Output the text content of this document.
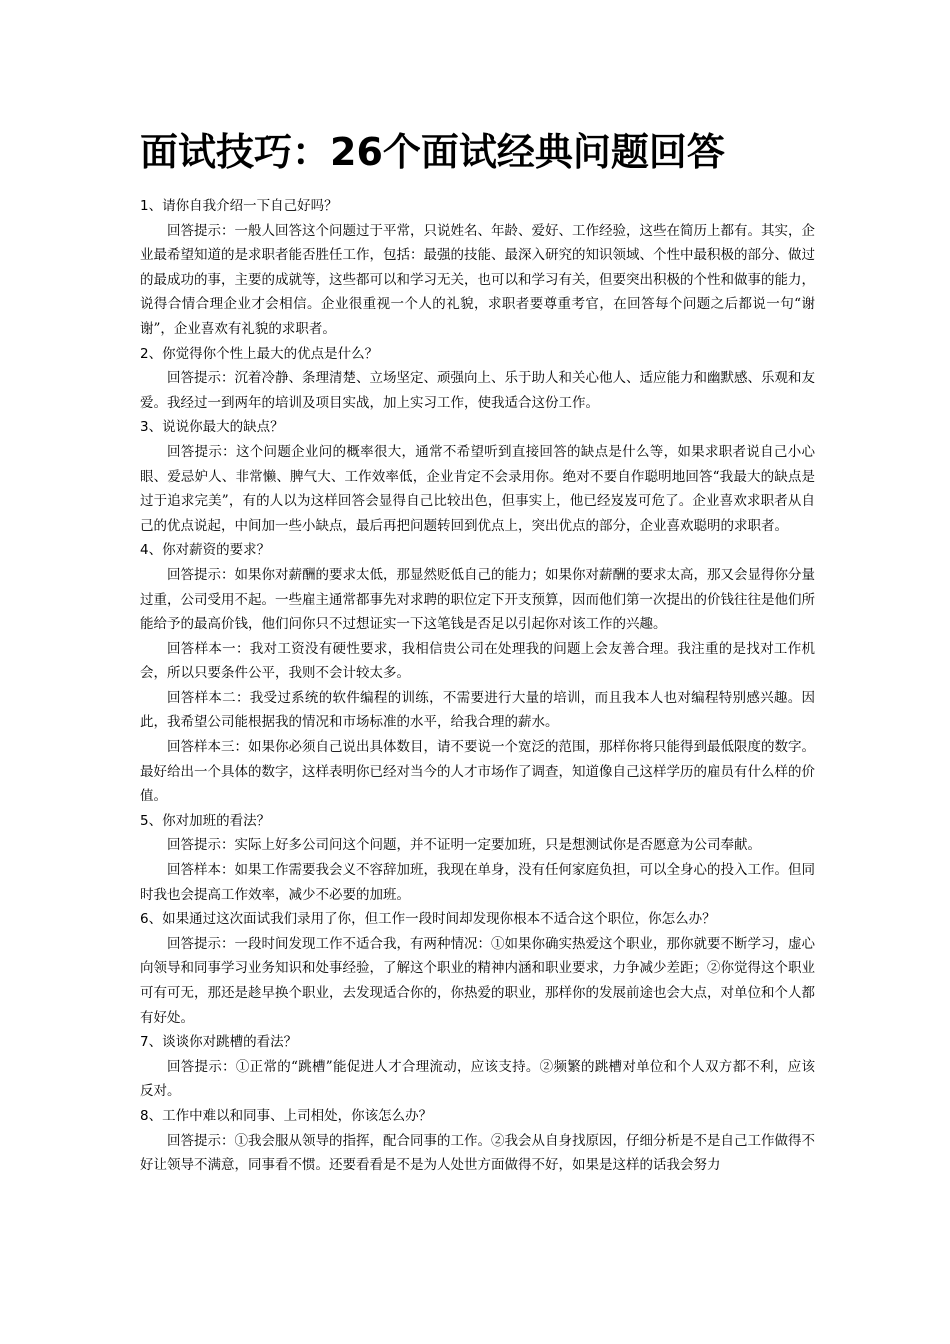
面试技巧：26个面试经典问题回答

1、请你自我介绍一下自己好吗？

回答提示：一般人回答这个问题过于平常，只说姓名、年龄、爱好、工作经验，这些在简历上都有。其实，企业最希望知道的是求职者能否胜任工作，包括：最强的技能、最深入研究的知识领域、个性中最积极的部分、做过的最成功的事，主要的成就等，这些都可以和学习无关，也可以和学习有关，但要突出积极的个性和做事的能力，说得合情合理企业才会相信。企业很重视一个人的礼貌，求职者要尊重考官，在回答每个问题之后都说一句“谢谢”，企业喜欢有礼貌的求职者。

2、你觉得你个性上最大的优点是什么？

回答提示：沉着冷静、条理清楚、立场坚定、顽强向上、乐于助人和关心他人、适应能力和幽默感、乐观和友爱。我经过一到两年的培训及项目实战，加上实习工作，使我适合这份工作。

3、说说你最大的缺点？

回答提示：这个问题企业问的概率很大，通常不希望听到直接回答的缺点是什么等，如果求职者说自己小心眼、爱忌妒人、非常懒、脾气大、工作效率低，企业肯定不会录用你。绝对不要自作聪明地回答“我最大的缺点是过于追求完美”，有的人以为这样回答会显得自己比较出色，但事实上，他已经岌岌可危了。企业喜欢求职者从自己的优点说起，中间加一些小缺点，最后再把问题转回到优点上，突出优点的部分，企业喜欢聪明的求职者。

4、你对薪资的要求？

回答提示：如果你对薪酬的要求太低，那显然贬低自己的能力；如果你对薪酬的要求太高，那又会显得你分量过重，公司受用不起。一些雇主通常都事先对求聘的职位定下开支预算，因而他们第一次提出的价钱往往是他们所能给予的最高价钱，他们问你只不过想证实一下这笔钱是否足以引起你对该工作的兴趣。

回答样本一：我对工资没有硬性要求，我相信贵公司在处理我的问题上会友善合理。我注重的是找对工作机会，所以只要条件公平，我则不会计较太多。

回答样本二：我受过系统的软件编程的训练，不需要进行大量的培训，而且我本人也对编程特别感兴趣。因此，我希望公司能根据我的情况和市场标准的水平，给我合理的薪水。

回答样本三：如果你必须自己说出具体数目，请不要说一个宽泛的范围，那样你将只能得到最低限度的数字。最好给出一个具体的数字，这样表明你已经对当今的人才市场作了调查，知道像自己这样学历的雇员有什么样的价值。

5、你对加班的看法？

回答提示：实际上好多公司问这个问题，并不证明一定要加班，只是想测试你是否愿意为公司奉献。

回答样本：如果工作需要我会义不容辞加班，我现在单身，没有任何家庭负担，可以全身心的投入工作。但同时我也会提高工作效率，减少不必要的加班。

6、如果通过这次面试我们录用了你，但工作一段时间却发现你根本不适合这个职位，你怎么办？

回答提示：一段时间发现工作不适合我，有两种情况：①如果你确实热爱这个职业，那你就要不断学习，虚心向领导和同事学习业务知识和处事经验，了解这个职业的精神内涵和职业要求，力争减少差距；②你觉得这个职业可有可无，那还是趁早换个职业，去发现适合你的，你热爱的职业，那样你的发展前途也会大点，对单位和个人都有好处。

7、谈谈你对跳槽的看法？

回答提示：①正常的“跳槽”能促进人才合理流动，应该支持。②频繁的跳槽对单位和个人双方都不利，应该反对。

8、工作中难以和同事、上司相处，你该怎么办？

回答提示：①我会服从领导的指挥，配合同事的工作。②我会从自身找原因，仔细分析是不是自己工作做得不好让领导不满意，同事看不惯。还要看看是不是为人处世方面做得不好，如果是这样的话我会努力
